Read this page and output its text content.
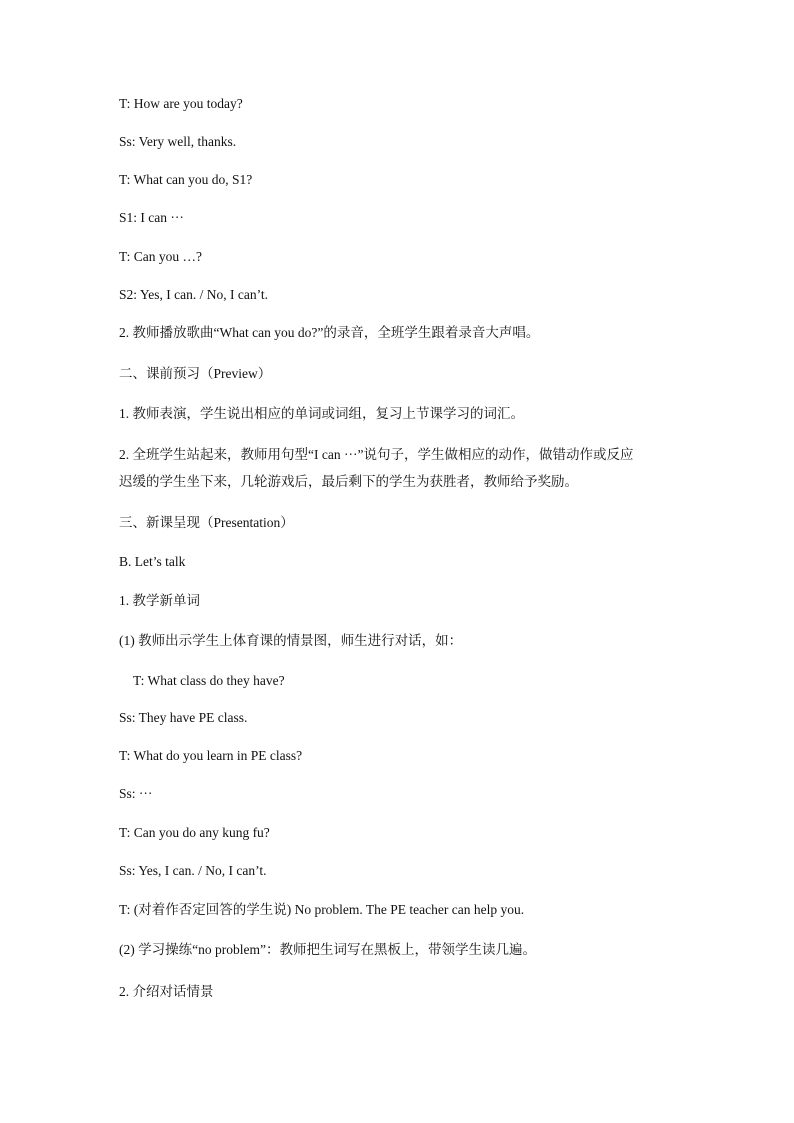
T: How are you today?
Ss: Very well, thanks.
T: What can you do, S1?
S1: I can ···
T: Can you …?
S2: Yes, I can. / No, I can’t.
2. 教师播放歌曲“What can you do?”的录音，全班学生跟着录音大声唱。
二、课前预习（Preview）
1. 教师表演，学生说出相应的单词或词组，复习上节课学习的词汇。
2. 全班学生站起来，教师用句型“I can ···”说句子，学生做相应的动作，做错动作或反应
迟缓的学生坐下来，几轮游戏后，最后剩下的学生为获胜者，教师给予奖励。
三、新课呈现（Presentation）
B. Let’s talk
1. 教学新单词
(1) 教师出示学生上体育课的情景图，师生进行对话，如：
T: What class do they have?
Ss: They have PE class.
T: What do you learn in PE class?
Ss: ···
T: Can you do any kung fu?
Ss: Yes, I can. / No, I can’t.
T: (对着作否定回答的学生说) No problem. The PE teacher can help you.
(2) 学习操练“no problem”：教师把生词写在黑板上，带领学生读几遍。
2. 介绍对话情景
